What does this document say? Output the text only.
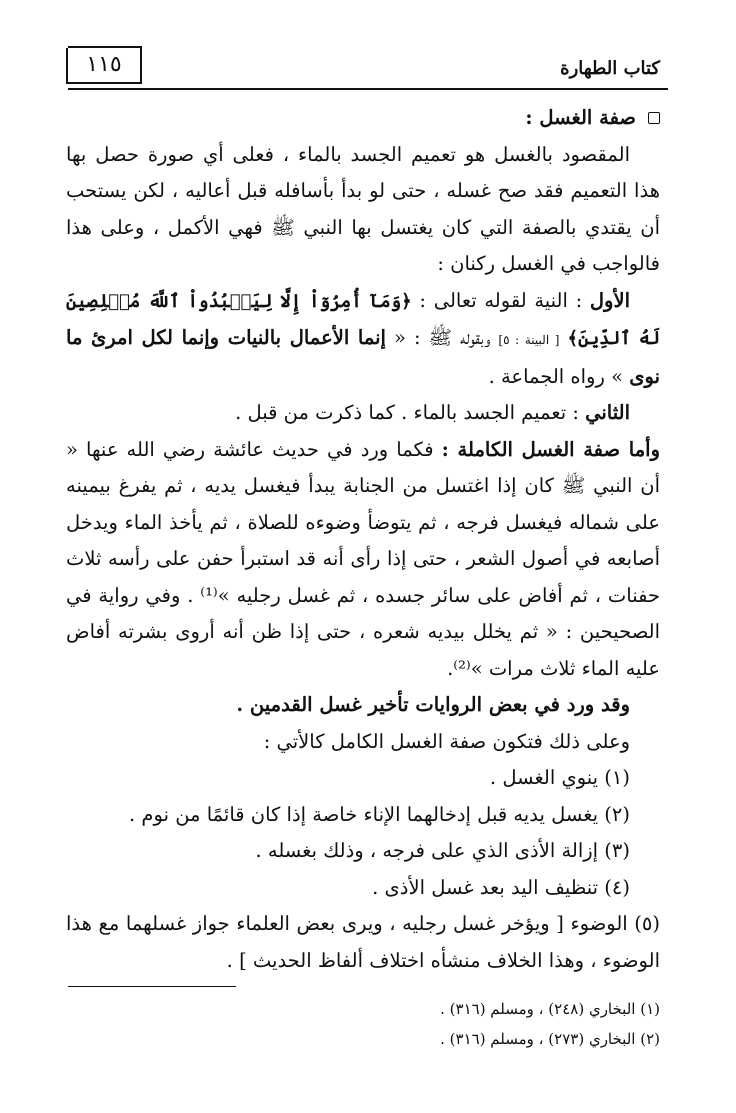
١١٥	كتاب الطهارة

صفة الغسل :

المقصود بالغسل هو تعميم الجسد بالماء ، فعلى أي صورة حصل بها هذا التعميم فقد صح غسله ، حتى لو بدأ بأسافله قبل أعاليه ، لكن يستحب أن يقتدي بالصفة التي كان يغتسل بها النبي ﷺ فهي الأكمل ، وعلى هذا فالواجب في الغسل ركنان :

الأول : النية لقوله تعالى : ﴿وَمَآ أُمِرُوٓاْ إِلَّا لِيَعۡبُدُواْ ٱللَّهَ مُخۡلِصِينَ لَهُ ٱلدِّينَ﴾ [ البينة : ٥] وبقوله ﷺ : « إنما الأعمال بالنيات وإنما لكل امرئ ما نوى » رواه الجماعة .

الثاني : تعميم الجسد بالماء . كما ذكرت من قبل .

وأما صفة الغسل الكاملة : فكما ورد في حديث عائشة رضي الله عنها « أن النبي ﷺ كان إذا اغتسل من الجنابة يبدأ فيغسل يديه ، ثم يفرغ بيمينه على شماله فيغسل فرجه ، ثم يتوضأ وضوءه للصلاة ، ثم يأخذ الماء ويدخل أصابعه في أصول الشعر ، حتى إذا رأى أنه قد استبرأ حفن على رأسه ثلاث حفنات ، ثم أفاض على سائر جسده ، ثم غسل رجليه »⁽¹⁾ . وفي رواية في الصحيحين : « ثم يخلل بيديه شعره ، حتى إذا ظن أنه أروى بشرته أفاض عليه الماء ثلاث مرات »⁽²⁾.

وقد ورد في بعض الروايات تأخير غسل القدمين .

وعلى ذلك فتكون صفة الغسل الكامل كالأتي :

(١) ينوي الغسل .

(٢) يغسل يديه قبل إدخالهما الإناء خاصة إذا كان قائمًا من نوم .

(٣) إزالة الأذى الذي على فرجه ، وذلك بغسله .

(٤) تنظيف اليد بعد غسل الأذى .

(٥) الوضوء [ ويؤخر غسل رجليه ، ويرى بعض العلماء جواز غسلهما مع هذا الوضوء ، وهذا الخلاف منشأه اختلاف ألفاظ الحديث ] .

(١) البخاري (٢٤٨) ، ومسلم (٣١٦) .

(٢) البخاري (٢٧٣) ، ومسلم (٣١٦) .
